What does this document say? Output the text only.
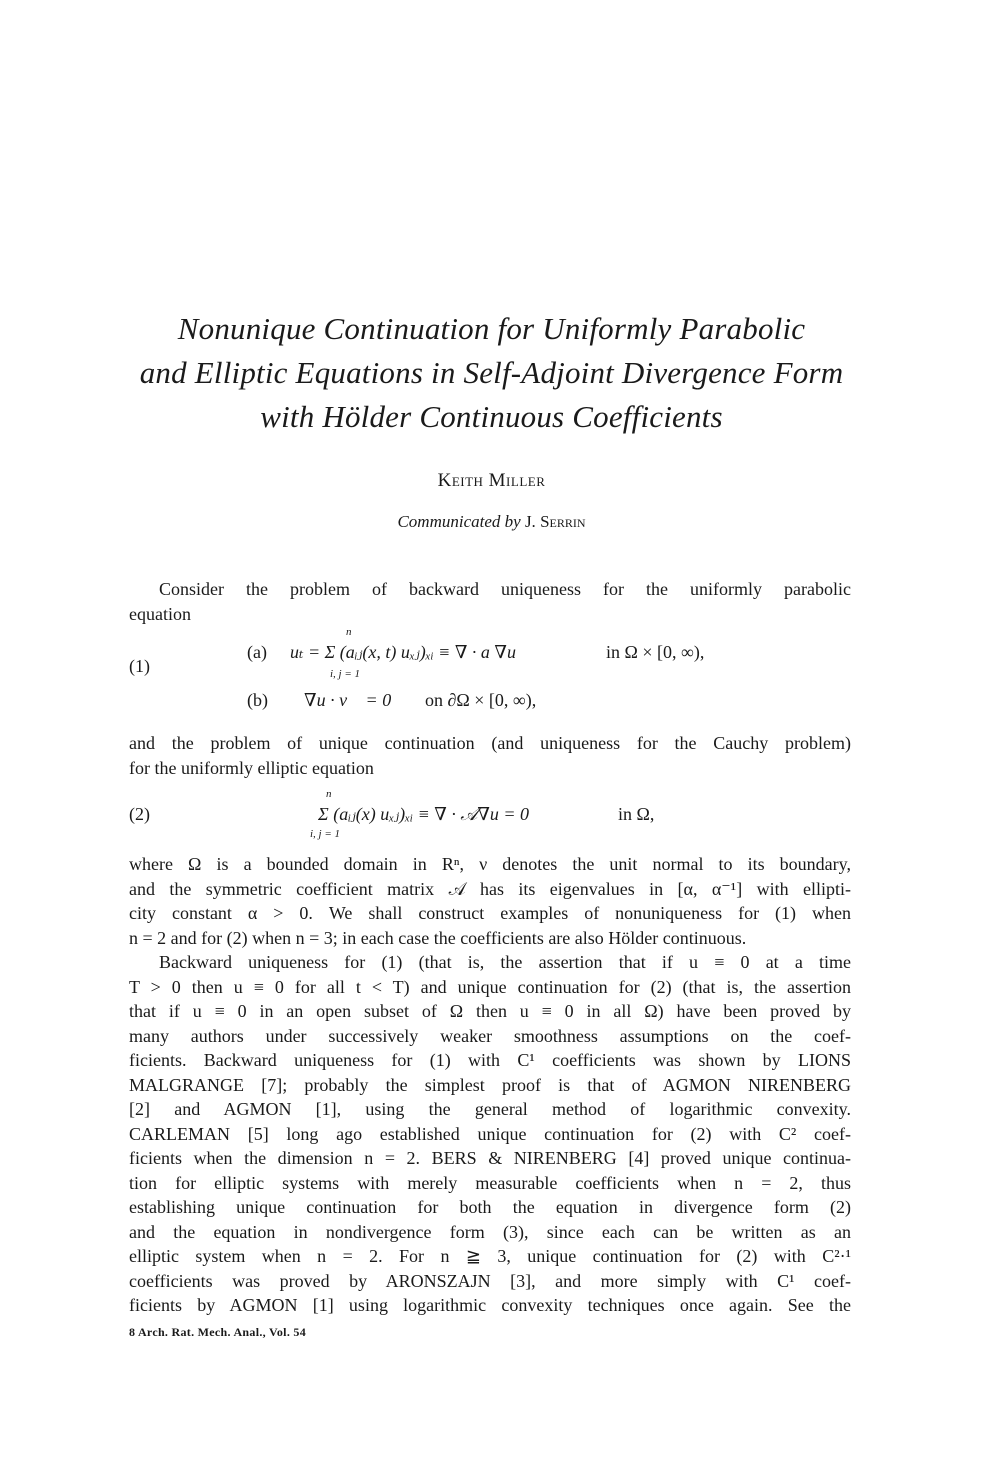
Nonunique Continuation for Uniformly Parabolic
and Elliptic Equations in Self-Adjoint Divergence Form
with Hölder Continuous Coefficients
Keith Miller
Communicated by J. Serrin
Consider the problem of backward uniqueness for the uniformly parabolic
equation
(1)
(a)
n
i, j = 1
uₜ = Σ (aᵢⱼ(x, t) uₓⱼ)ₓᵢ ≡ ∇ · a ∇u	in Ω × [0, ∞),
(b) 𝒜∇u · v⃗ = 0 on ∂Ω × [0, ∞),
and the problem of unique continuation (and uniqueness for the Cauchy problem)
for the uniformly elliptic equation
(2)
n
i, j = 1
Σ (aᵢⱼ(x) uₓⱼ)ₓᵢ ≡ ∇ · 𝒜∇u = 0	in Ω,
where Ω is a bounded domain in Rⁿ, ν denotes the unit normal to its boundary,
and the symmetric coefficient matrix 𝒜 has its eigenvalues in [α, α⁻¹] with ellipti-
city constant α > 0. We shall construct examples of nonuniqueness for (1) when
n = 2 and for (2) when n = 3; in each case the coefficients are also Hölder continuous.
Backward uniqueness for (1) (that is, the assertion that if u ≡ 0 at a time
T > 0 then u ≡ 0 for all t < T) and unique continuation for (2) (that is, the assertion
that if u ≡ 0 in an open subset of Ω then u ≡ 0 in all Ω) have been proved by
many authors under successively weaker smoothness assumptions on the coef-
ficients. Backward uniqueness for (1) with C¹ coefficients was shown by LIONS
MALGRANGE [7]; probably the simplest proof is that of AGMON NIRENBERG
[2] and AGMON [1], using the general method of logarithmic convexity.
CARLEMAN [5] long ago established unique continuation for (2) with C² coef-
ficients when the dimension n = 2. BERS & NIRENBERG [4] proved unique continua-
tion for elliptic systems with merely measurable coefficients when n = 2, thus
establishing unique continuation for both the equation in divergence form (2)
and the equation in nondivergence form (3), since each can be written as an
elliptic system when n = 2. For n ≧ 3, unique continuation for (2) with C²·¹
coefficients was proved by ARONSZAJN [3], and more simply with C¹ coef-
ficients by AGMON [1] using logarithmic convexity techniques once again. See the
8 Arch. Rat. Mech. Anal., Vol. 54
